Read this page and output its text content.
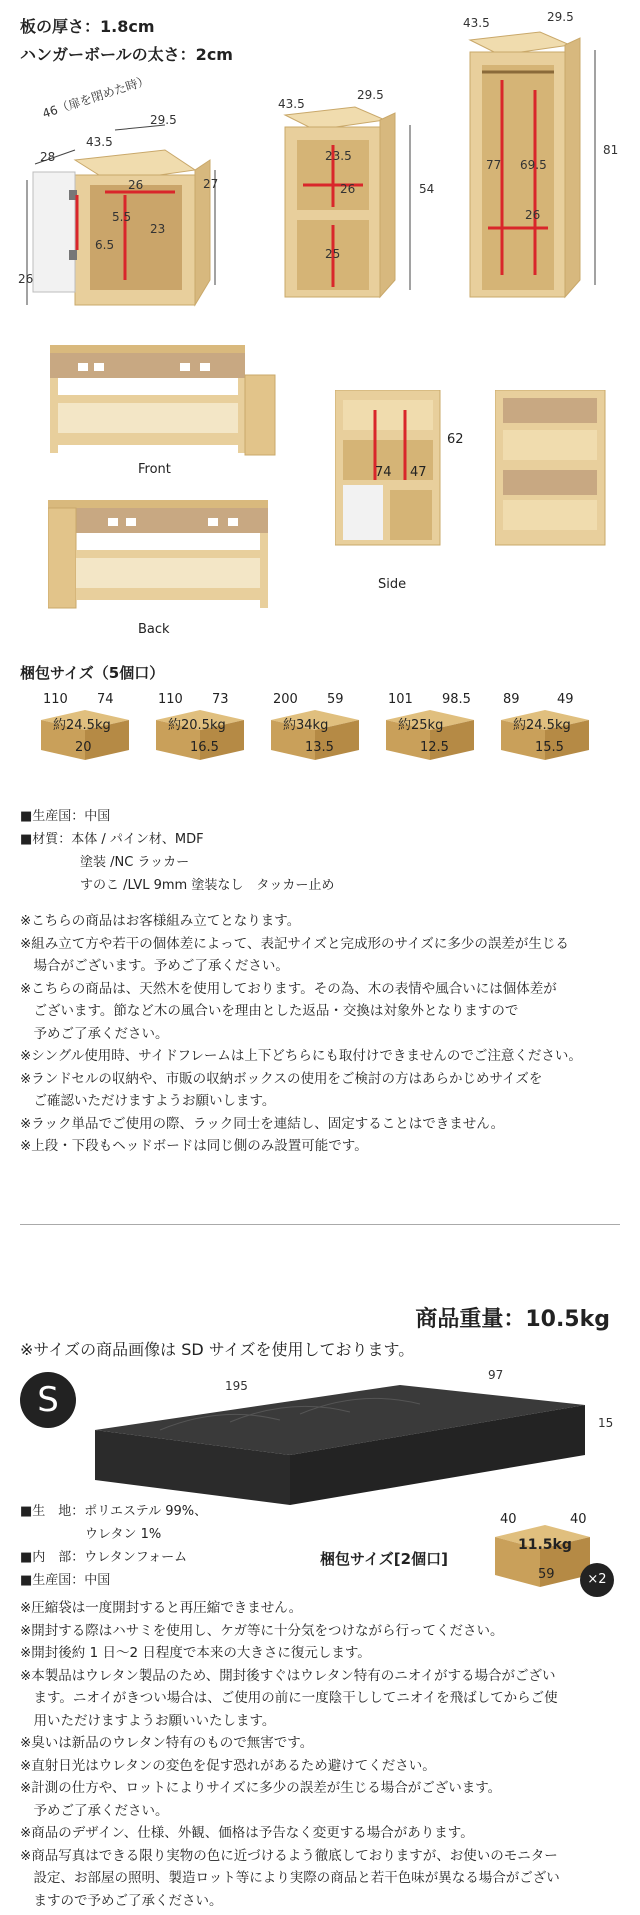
板の厚さ：1.8cm
ハンガーボールの太さ：2cm
46（扉を閉めた時）
43.5
29.5
28
27
26
23
5.5
6.5
26
43.5
29.5
23.5
26
25
54
43.5	29.5
77 69.5
26
81
Front
Back
74 47
62
Side
梱包サイズ（5個口）
110 74
約24.5kg
20
110 73
約20.5kg
16.5
200 59
約34kg
13.5
101 98.5
約25kg
12.5
89	49
約24.5kg
15.5
■生産国：中国
■材質：本体 / パイン材、MDF
塗装 /NC ラッカー
すのこ /LVL 9mm 塗装なし　タッカー止め
※こちらの商品はお客様組み立てとなります。
※組み立て方や若干の個体差によって、表記サイズと完成形のサイズに多少の誤差が生じる
　場合がございます。予めご了承ください。
※こちらの商品は、天然木を使用しております。その為、木の表情や風合いには個体差が
　ございます。節など木の風合いを理由とした返品・交換は対象外となりますので
　予めご了承ください。
※シングル使用時、サイドフレームは上下どちらにも取付けできませんのでご注意ください。
※ランドセルの収納や、市販の収納ボックスの使用をご検討の方はあらかじめサイズを
　ご確認いただけますようお願いします。
※ラック単品でご使用の際、ラック同士を連結し、固定することはできません。
※上段・下段もヘッドボードは同じ側のみ設置可能です。
商品重量：10.5kg
※サイズの商品画像は SD サイズを使用しております。
S	195
97
15
■生　地：ポリエステル 99%、
　　　　　ウレタン 1%
■内　部：ウレタンフォーム
■生産国：中国
梱包サイズ[2個口]
40	40
11.5kg
59	×2
※圧縮袋は一度開封すると再圧縮できません。
※開封する際はハサミを使用し、ケガ等に十分気をつけながら行ってください。
※開封後約 1 日〜2 日程度で本来の大きさに復元します。
※本製品はウレタン製品のため、開封後すぐはウレタン特有のニオイがする場合がござい
　ます。ニオイがきつい場合は、ご使用の前に一度陰干ししてニオイを飛ばしてからご使
　用いただけますようお願いいたします。
※臭いは新品のウレタン特有のもので無害です。
※直射日光はウレタンの変色を促す恐れがあるため避けてください。
※計測の仕方や、ロットによりサイズに多少の誤差が生じる場合がございます。
　予めご了承ください。
※商品のデザイン、仕様、外観、価格は予告なく変更する場合があります。
※商品写真はできる限り実物の色に近づけるよう徹底しておりますが、お使いのモニター
　設定、お部屋の照明、製造ロット等により実際の商品と若干色味が異なる場合がござい
　ますので予めご了承ください。
